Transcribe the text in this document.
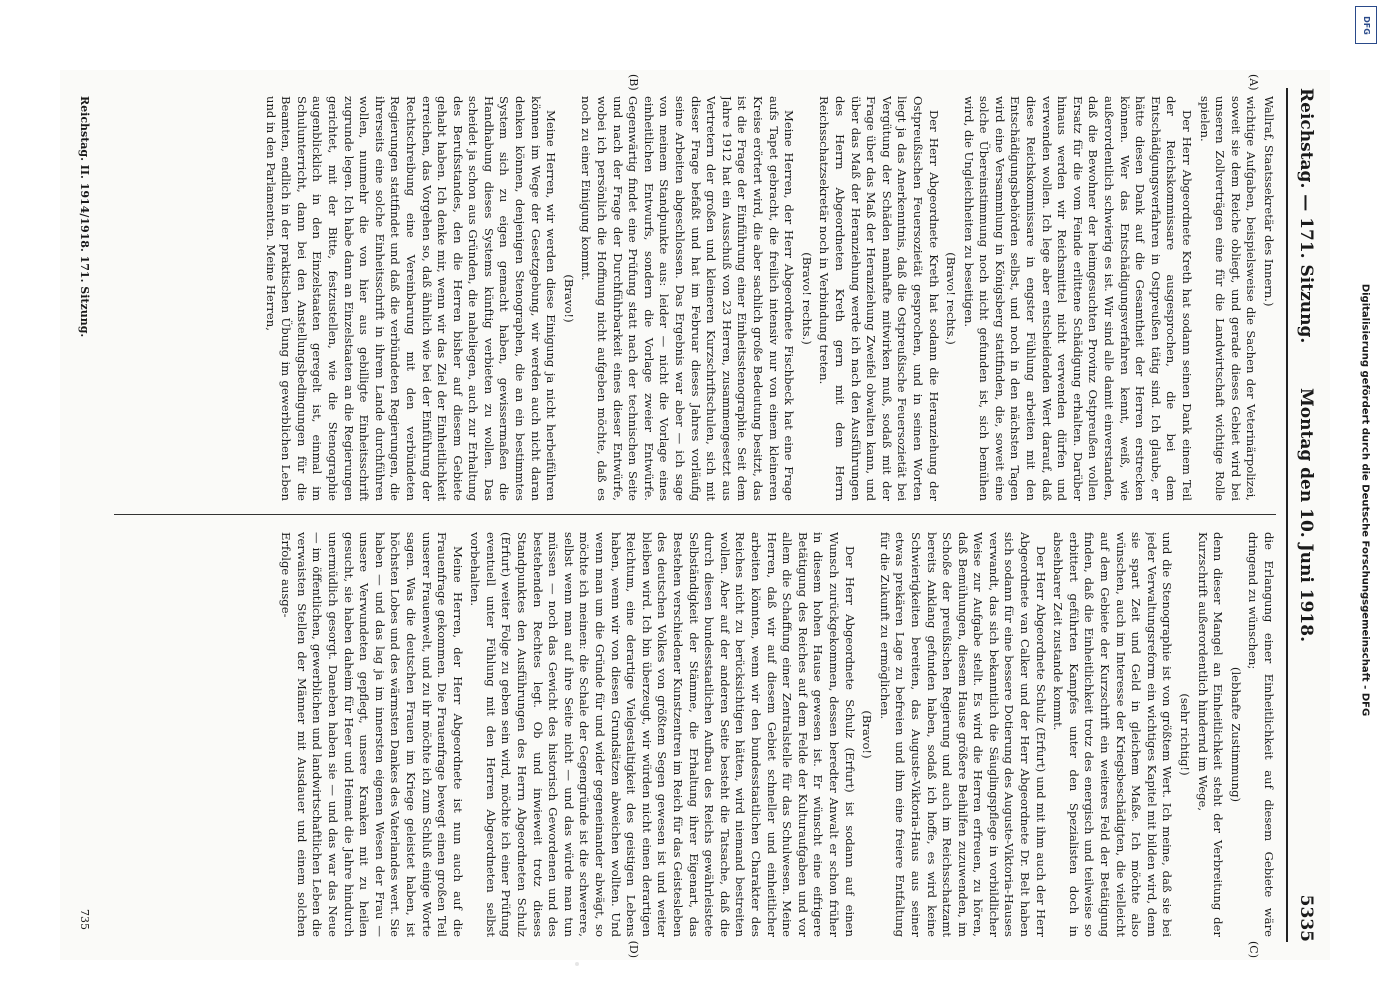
Reichstag. — 171. Sitzung.
Montag den 10. Juni 1918.
5335
(A)
(B)
(C)
(D)
Wallraf, Staatssekretär des Innern.)
wichtige Aufgaben, beispielsweise die Sachen der Veterinärpolizei, soweit sie dem Reiche obliegt, und gerade dieses Gebiet wird bei unseren Zollverträgen eine für die Landwirtschaft wichtige Rolle spielen.
Der Herr Abgeordnete Kreth hat sodann seinen Dank einem Teil der Reichskommissare ausgesprochen, die bei dem Entschädigungsverfahren in Ostpreußen tätig sind. Ich glaube, er hätte diesen Dank auf die Gesamtheit der Herren erstrecken können. Wer das Entschädigungsverfahren kennt, weiß, wie außerordentlich schwierig es ist. Wir sind alle damit einverstanden, daß die Bewohner der heimgesuchten Provinz Ostpreußen vollen Ersatz für die vom Feinde erlittene Schädigung erhalten. Darüber hinaus werden wir Reichsmittel nicht verwenden dürfen und verwenden wollen. Ich lege aber entscheidenden Wert darauf, daß diese Reichskommissare in engster Fühlung arbeiten mit den Entschädigungsbehörden selbst, und noch in den nächsten Tagen wird eine Versammlung in Königsberg stattfinden, die, soweit eine solche Übereinstimmung noch nicht gefunden ist, sich bemühen wird, die Ungleichheiten zu beseitigen.
(Bravo! rechts.)
Der Herr Abgeordnete Kreth hat sodann die Heranziehung der Ostpreußischen Feuersozietät gesprochen, und in seinen Worten liegt ja das Anerkenntnis, daß die Ostpreußische Feuersozietät bei Vergütung der Schäden namhafte mitwirken muß, sodaß mit der Frage über das Maß der Heranziehung Zweifel obwalten kann, und über das Maß der Heranziehung werde ich nach den Ausführungen des Herrn Abgeordneten Kreth gern mit dem Herrn Reichsschatzsekretär noch in Verbindung treten.
(Bravo! rechts.)
Meine Herren, der Herr Abgeordnete Fischbeck hat eine Frage aufs Tapet gebracht, die freilich intensiv nur von einem kleineren Kreise erörtert wird, die aber sachlich große Bedeutung besitzt, das ist die Frage der Einführung einer Einheitsstenographie. Seit dem Jahre 1912 hat ein Ausschuß von 23 Herren, zusammengesetzt aus Vertretern der großen und kleineren Kurzschriftschulen, sich mit dieser Frage befaßt und hat im Februar dieses Jahres vorläufig seine Arbeiten abgeschlossen. Das Ergebnis war aber — ich sage von meinem Standpunkte aus: leider — nicht die Vorlage eines einheitlichen Entwurfs, sondern die Vorlage zweier Entwürfe. Gegenwärtig findet eine Prüfung statt nach der technischen Seite und nach der Frage der Durchführbarkeit eines dieser Entwürfe, wobei ich persönlich die Hoffnung nicht aufgeben möchte, daß es noch zu einer Einigung kommt.
(Bravo!)
Meine Herren, wir werden diese Einigung ja nicht herbeiführen können im Wege der Gesetzgebung, wir werden auch nicht daran denken können, denjenigen Stenographen, die an ein bestimmtes System sich zu eigen gemacht haben, gewissermaßen die Handhabung dieses Systems künftig verbieten zu wollen. Das scheidet ja schon aus Gründen, die naheliegen, auch zur Erhaltung des Berufsstandes, den die Herren bisher auf diesem Gebiete gehabt haben. Ich denke mir, wenn wir das Ziel der Einheitlichkeit erreichen, das Vorgehen so, daß ähnlich wie bei der Einführung der Rechtschreibung eine Vereinbarung mit den verbündeten Regierungen stattfindet und daß die verbündeten Regierungen, die ihrerseits eine solche Einheitsschrift in ihrem Lande durchführen wollen, nunmehr die von hier aus gebilligte Einheitsschrift zugrunde legen. Ich habe dann an Einzelstaaten an die Regierungen gerichtet, mit der Bitte, festzustellen, wie die Stenographie augenblicklich in den Einzelstaaten geregelt ist, einmal im Schulunterricht, dann bei den Anstellungsbedingungen für die Beamten, endlich in der praktischen Übung im gewerblichen Leben und in den Parlamenten. Meine Herren,
die Erlangung einer Einheitlichkeit auf diesem Gebiete wäre dringend zu wünschen;
(lebhafte Zustimmung)
denn dieser Mangel an Einheitlichkeit steht der Verbreitung der Kurzschrift außerordentlich hindernd im Wege,
(sehr richtig!)
und die Stenographie ist von größtem Wert. Ich meine, daß sie bei jeder Verwaltungsreform ein wichtiges Kapitel mit bilden wird, denn sie spart Zeit und Geld in gleichem Maße. Ich möchte also wünschen, auch im Interesse der Kriegsbeschädigten, die vielleicht auf dem Gebiete der Kurzschrift ein weiteres Feld der Betätigung finden, daß die Einheitlichkeit trotz des energisch und teilweise so erbittert geführten Kampfes unter den Spezialisten doch in absehbarer Zeit zustande kommt.
Der Herr Abgeordnete Schulz (Erfurt) und mit ihm auch der Herr Abgeordnete van Calker und der Herr Abgeordnete Dr. Belt haben sich sodann für eine bessere Dotierung des Auguste-Viktoria-Hauses verwandt, das sich bekanntlich die Säuglingspflege in vorbildlicher Weise zur Aufgabe stellt. Es wird die Herren erfreuen, zu hören, daß Bemühungen, diesem Hause größere Beihilfen zuzuwenden, im Schoße der preußischen Regierung und auch im Reichsschatzamt bereits Anklang gefunden haben, sodaß ich hoffe, es wird keine Schwierigkeiten bereiten, das Auguste-Viktoria-Haus aus seiner etwas prekären Lage zu befreien und ihm eine freiere Entfaltung für die Zukunft zu ermöglichen.
(Bravo!)
Der Herr Abgeordnete Schulz (Erfurt) ist sodann auf einen Wunsch zurückgekommen, dessen beredter Anwalt er schon früher in diesem hohen Hause gewesen ist. Er wünscht eine eifrigere Betätigung des Reiches auf dem Felde der Kulturaufgaben und vor allem die Schaffung einer Zentralstelle für das Schulwesen. Meine Herren, daß wir auf diesem Gebiet schneller und einheitlicher arbeiten könnten, wenn wir den bundesstaatlichen Charakter des Reiches nicht zu berücksichtigen hätten, wird niemand bestreiten wollen. Aber auf der anderen Seite besteht die Tatsache, daß die durch diesen bundesstaatlichen Aufbau des Reichs gewährleistete Selbständigkeit der Stämme, die Erhaltung ihrer Eigenart, das Bestehen verschiedener Kunstzentren im Reich für das Geistesleben des deutschen Volkes von größtem Segen gewesen ist und weiter bleiben wird. Ich bin überzeugt, wir würden nicht einen derartigen Reichtum, eine derartige Vielgestaltigkeit des geistigen Lebens haben, wenn wir von diesen Grundsätzen abweichen wollten. Und wenn man um die Gründe für und wider gegeneinander abwägt, so möchte ich meinen: die Schale der Gegengründe ist die schwerere, selbst wenn man auf ihre Seite nicht — und das würde man tun müssen — noch das Gewicht des historisch Gewordenen und des bestehenden Rechtes legt. Ob und inwieweit trotz dieses Standpunktes den Ausführungen des Herrn Abgeordneten Schulz (Erfurt) weiter Folge zu geben sein wird, möchte ich einer Prüfung eventuell unter Fühlung mit den Herren Abgeordneten selbst vorbehalten.
Meine Herren, der Herr Abgeordnete ist nun auch auf die Frauenfrage gekommen. Die Frauenfrage bewegt einen großen Teil unserer Frauenwelt, und zu ihr möchte ich zum Schluß einige Worte sagen. Was die deutschen Frauen im Kriege geleistet haben, ist höchsten Lobes und des wärmsten Dankes des Vaterlandes wert. Sie haben — und das lag ja im innersten eigenen Wesen der Frau — unsere Verwundeten gepflegt, unsere Kranken mit zu heilen gesucht, sie haben daheim für Heer und Heimat die Jahre hindurch unermüdlich gesorgt. Daneben haben sie — und das war das Neue — im öffentlichen, gewerblichen und landwirtschaftlichen Leben die verwaisten Stellen der Männer mit Ausdauer und einem solchen Erfolge ausge-
Reichstag. II. 1914/1918. 171. Sitzung.
735
DFG
Digitalisierung gefördert durch die Deutsche Forschungsgemeinschaft - DFG
